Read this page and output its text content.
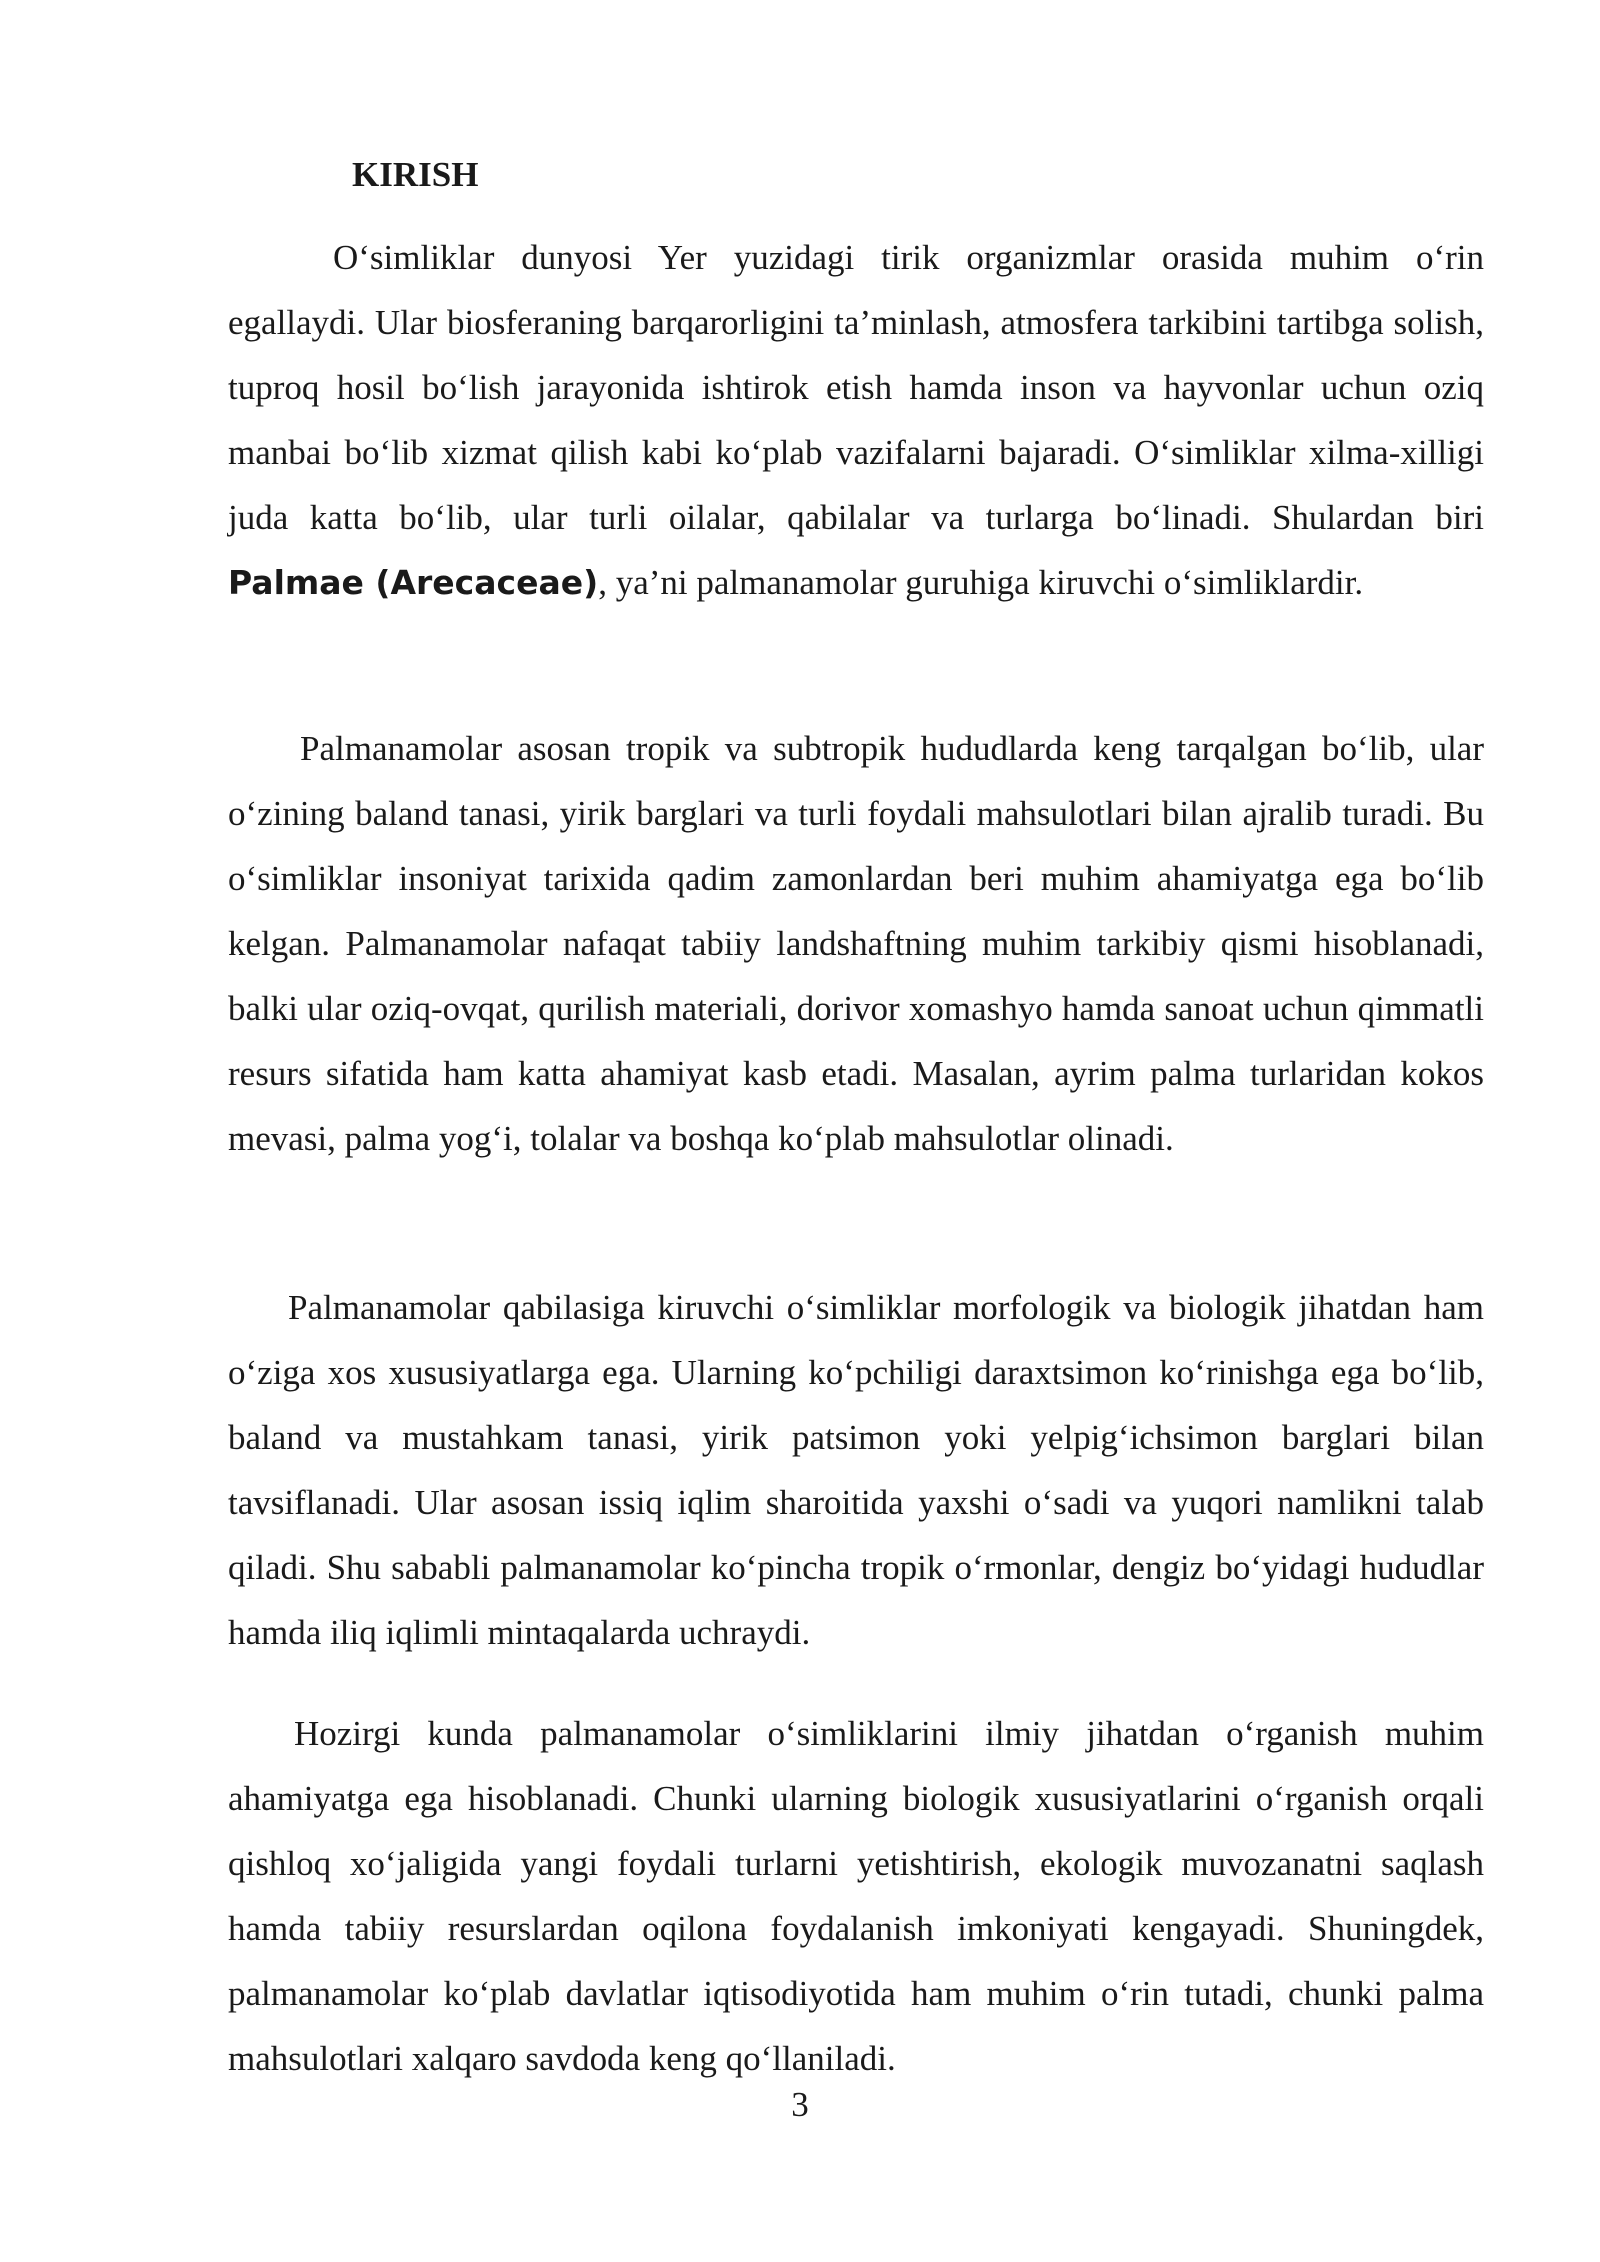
KIRISH

O‘simliklar dunyosi Yer yuzidagi tirik organizmlar orasida muhim o‘rin egallaydi. Ular biosferaning barqarorligini ta’minlash, atmosfera tarkibini tartibga solish, tuproq hosil bo‘lish jarayonida ishtirok etish hamda inson va hayvonlar uchun oziq manbai bo‘lib xizmat qilish kabi ko‘plab vazifalarni bajaradi. O‘simliklar xilma-xilligi juda katta bo‘lib, ular turli oilalar, qabilalar va turlarga bo‘linadi. Shulardan biri Palmae (Arecaceae), ya’ni palmanamolar guruhiga kiruvchi o‘simliklardir.

Palmanamolar asosan tropik va subtropik hududlarda keng tarqalgan bo‘lib, ular o‘zining baland tanasi, yirik barglari va turli foydali mahsulotlari bilan ajralib turadi. Bu o‘simliklar insoniyat tarixida qadim zamonlardan beri muhim ahamiyatga ega bo‘lib kelgan. Palmanamolar nafaqat tabiiy landshaftning muhim tarkibiy qismi hisoblanadi, balki ular oziq-ovqat, qurilish materiali, dorivor xomashyo hamda sanoat uchun qimmatli resurs sifatida ham katta ahamiyat kasb etadi. Masalan, ayrim palma turlaridan kokos mevasi, palma yog‘i, tolalar va boshqa ko‘plab mahsulotlar olinadi.

Palmanamolar qabilasiga kiruvchi o‘simliklar morfologik va biologik jihatdan ham o‘ziga xos xususiyatlarga ega. Ularning ko‘pchiligi daraxtsimon ko‘rinishga ega bo‘lib, baland va mustahkam tanasi, yirik patsimon yoki yelpig‘ichsimon barglari bilan tavsiflanadi. Ular asosan issiq iqlim sharoitida yaxshi o‘sadi va yuqori namlikni talab qiladi. Shu sababli palmanamolar ko‘pincha tropik o‘rmonlar, dengiz bo‘yidagi hududlar hamda iliq iqlimli mintaqalarda uchraydi.

Hozirgi kunda palmanamolar o‘simliklarini ilmiy jihatdan o‘rganish muhim ahamiyatga ega hisoblanadi. Chunki ularning biologik xususiyatlarini o‘rganish orqali qishloq xo‘jaligida yangi foydali turlarni yetishtirish, ekologik muvozanatni saqlash hamda tabiiy resurslardan oqilona foydalanish imkoniyati kengayadi. Shuningdek, palmanamolar ko‘plab davlatlar iqtisodiyotida ham muhim o‘rin tutadi, chunki palma mahsulotlari xalqaro savdoda keng qo‘llaniladi.

3
